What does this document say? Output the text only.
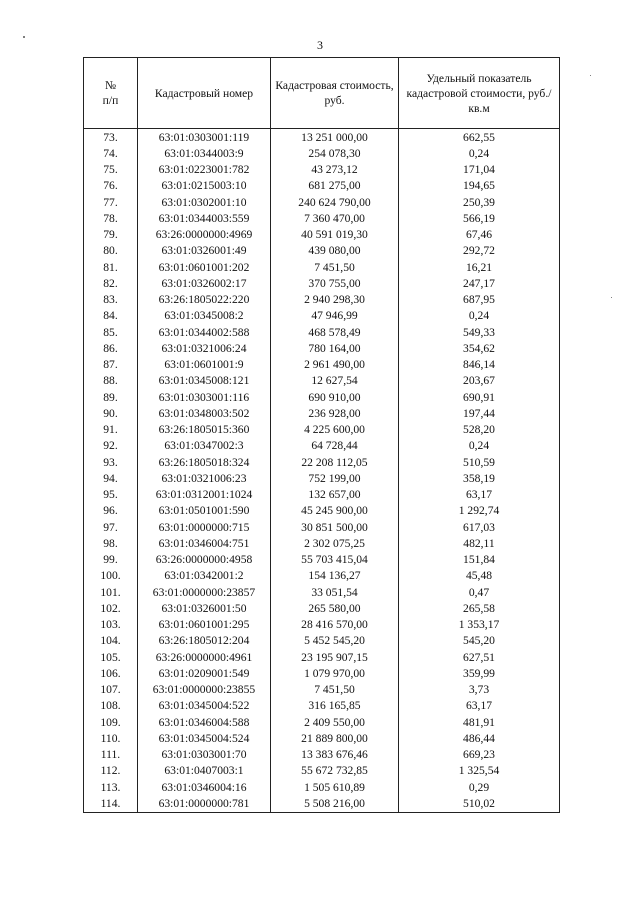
3
№
п/п	Кадастровый номер	Кадастровая стоимость, руб.	Удельный показатель кадастровой стоимости, руб./кв.м
73.	63:01:0303001:119	13 251 000,00	662,55
74.	63:01:0344003:9	254 078,30	0,24
75.	63:01:0223001:782	43 273,12	171,04
76.	63:01:0215003:10	681 275,00	194,65
77.	63:01:0302001:10	240 624 790,00	250,39
78.	63:01:0344003:559	7 360 470,00	566,19
79.	63:26:0000000:4969	40 591 019,30	67,46
80.	63:01:0326001:49	439 080,00	292,72
81.	63:01:0601001:202	7 451,50	16,21
82.	63:01:0326002:17	370 755,00	247,17
83.	63:26:1805022:220	2 940 298,30	687,95
84.	63:01:0345008:2	47 946,99	0,24
85.	63:01:0344002:588	468 578,49	549,33
86.	63:01:0321006:24	780 164,00	354,62
87.	63:01:0601001:9	2 961 490,00	846,14
88.	63:01:0345008:121	12 627,54	203,67
89.	63:01:0303001:116	690 910,00	690,91
90.	63:01:0348003:502	236 928,00	197,44
91.	63:26:1805015:360	4 225 600,00	528,20
92.	63:01:0347002:3	64 728,44	0,24
93.	63:26:1805018:324	22 208 112,05	510,59
94.	63:01:0321006:23	752 199,00	358,19
95.	63:01:0312001:1024	132 657,00	63,17
96.	63:01:0501001:590	45 245 900,00	1 292,74
97.	63:01:0000000:715	30 851 500,00	617,03
98.	63:01:0346004:751	2 302 075,25	482,11
99.	63:26:0000000:4958	55 703 415,04	151,84
100.	63:01:0342001:2	154 136,27	45,48
101.	63:01:0000000:23857	33 051,54	0,47
102.	63:01:0326001:50	265 580,00	265,58
103.	63:01:0601001:295	28 416 570,00	1 353,17
104.	63:26:1805012:204	5 452 545,20	545,20
105.	63:26:0000000:4961	23 195 907,15	627,51
106.	63:01:0209001:549	1 079 970,00	359,99
107.	63:01:0000000:23855	7 451,50	3,73
108.	63:01:0345004:522	316 165,85	63,17
109.	63:01:0346004:588	2 409 550,00	481,91
110.	63:01:0345004:524	21 889 800,00	486,44
111.	63:01:0303001:70	13 383 676,46	669,23
112.	63:01:0407003:1	55 672 732,85	1 325,54
113.	63:01:0346004:16	1 505 610,89	0,29
114.	63:01:0000000:781	5 508 216,00	510,02
